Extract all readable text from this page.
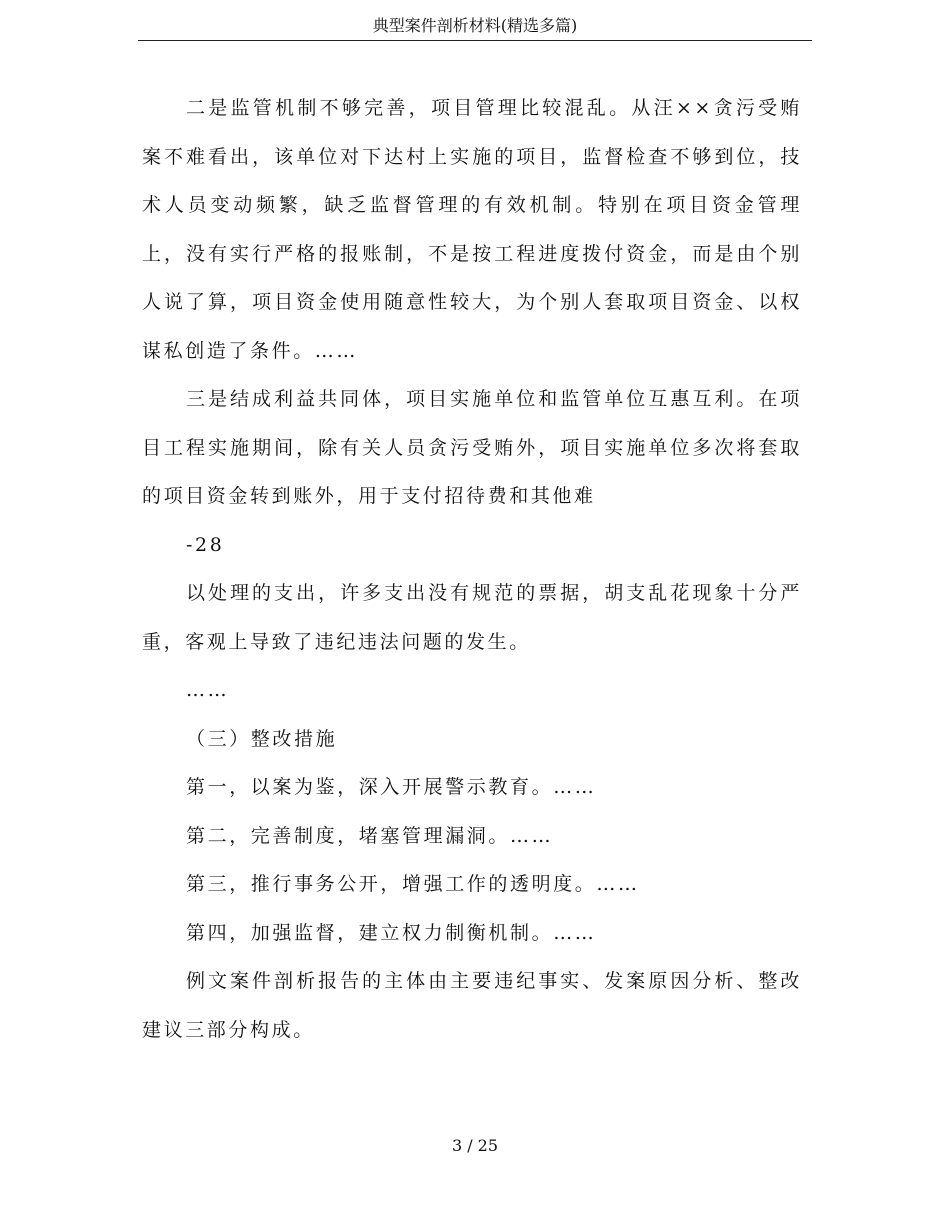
典型案件剖析材料(精选多篇)

二是监管机制不够完善，项目管理比较混乱。从汪××贪污受贿案不难看出，该单位对下达村上实施的项目，监督检查不够到位，技术人员变动频繁，缺乏监督管理的有效机制。特别在项目资金管理上，没有实行严格的报账制，不是按工程进度拨付资金，而是由个别人说了算，项目资金使用随意性较大，为个别人套取项目资金、以权谋私创造了条件。……

三是结成利益共同体，项目实施单位和监管单位互惠互利。在项目工程实施期间，除有关人员贪污受贿外，项目实施单位多次将套取的项目资金转到账外，用于支付招待费和其他难

-28

以处理的支出，许多支出没有规范的票据，胡支乱花现象十分严重，客观上导致了违纪违法问题的发生。

……

（三）整改措施

第一，以案为鉴，深入开展警示教育。……

第二，完善制度，堵塞管理漏洞。……

第三，推行事务公开，增强工作的透明度。……

第四，加强监督，建立权力制衡机制。……

例文案件剖析报告的主体由主要违纪事实、发案原因分析、整改建议三部分构成。

3 / 25
